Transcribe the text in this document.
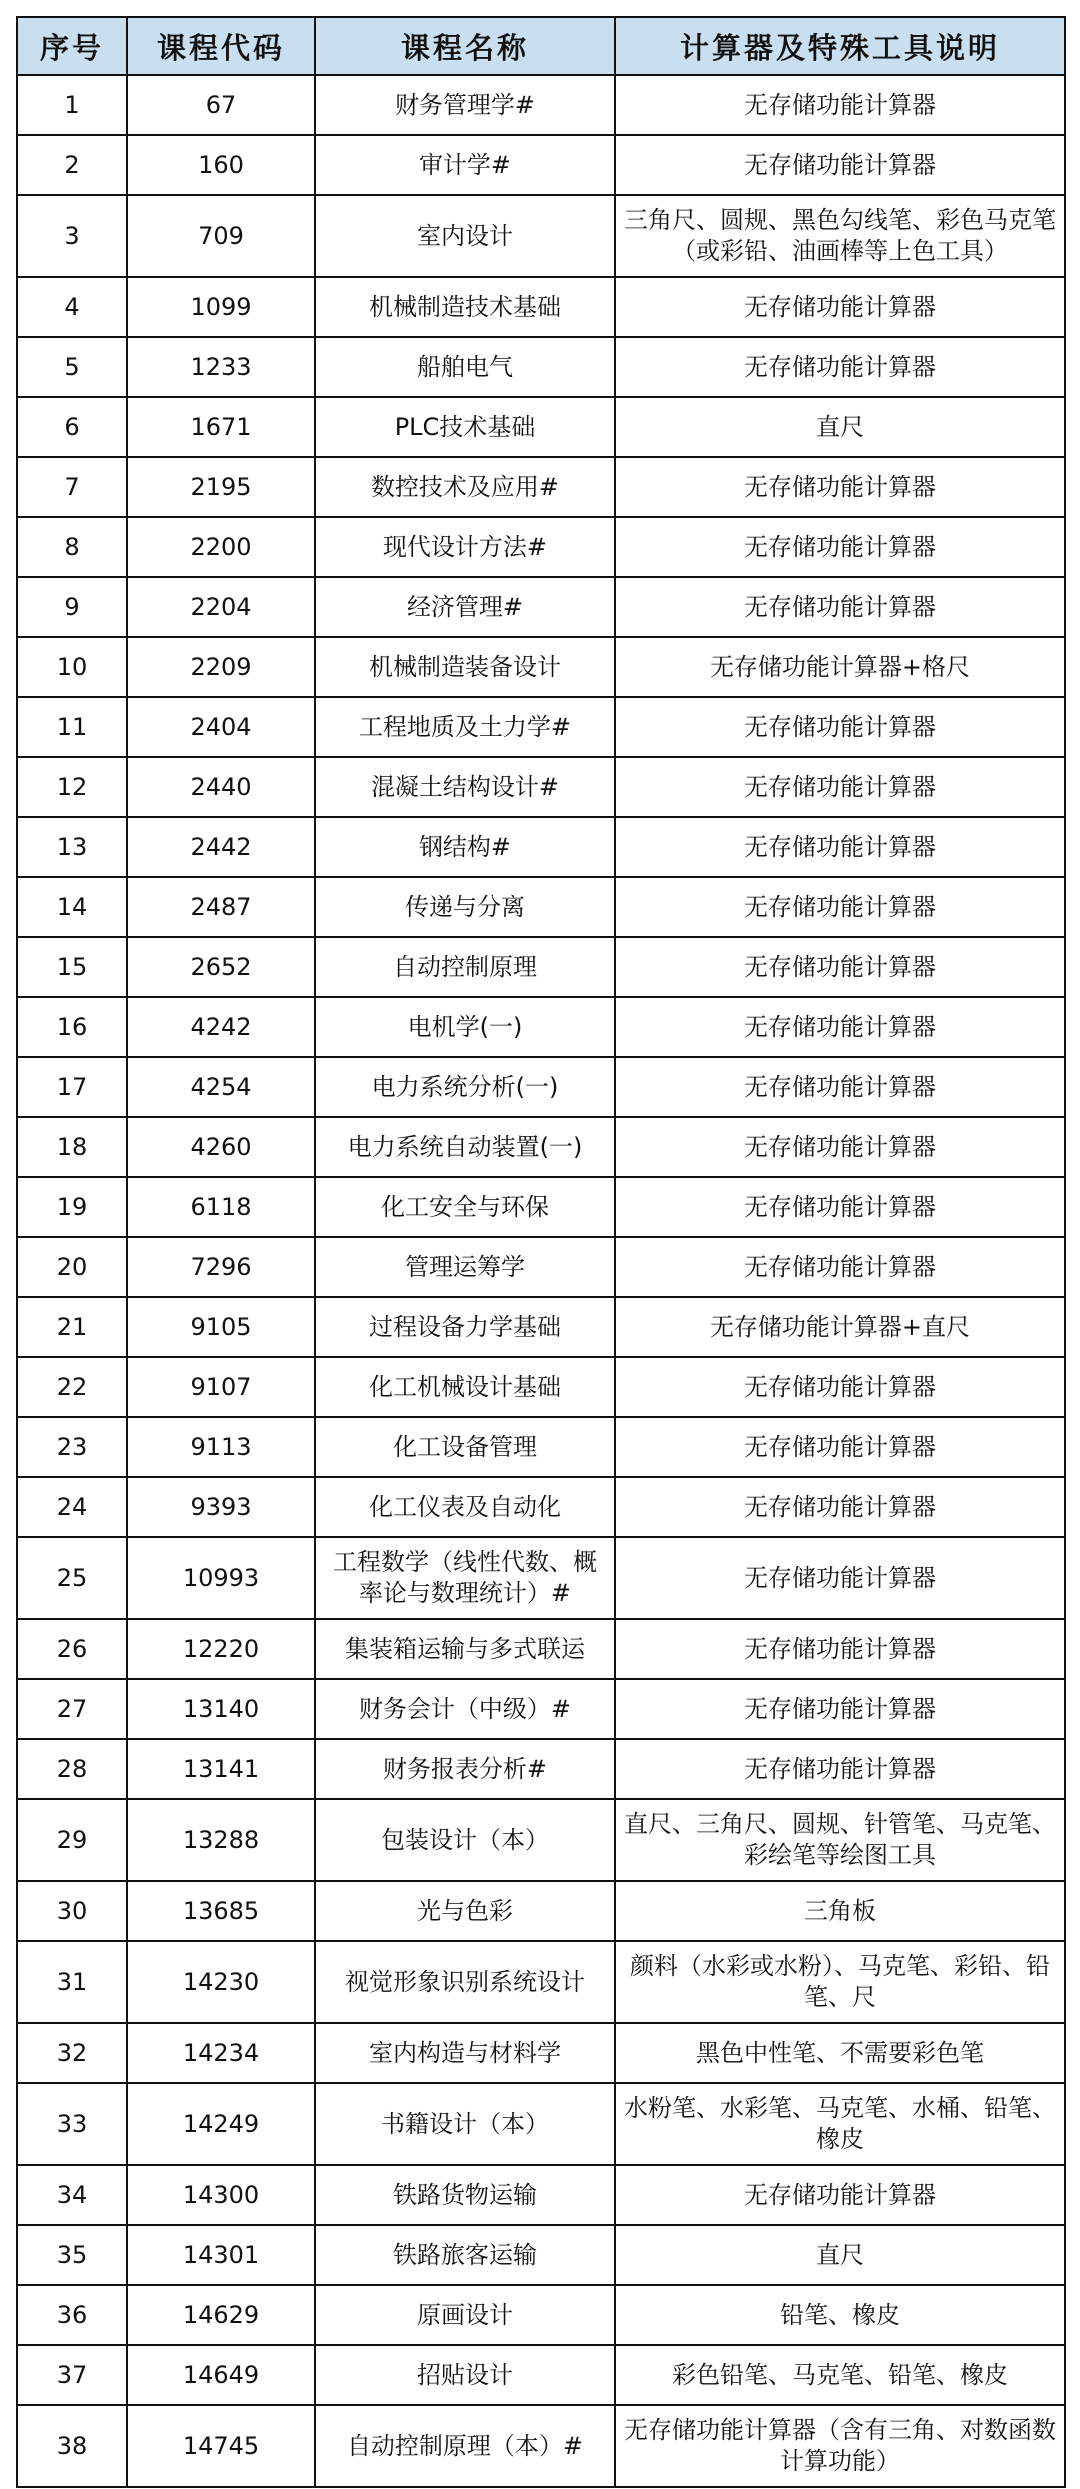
序号	课程代码	课程名称	计算器及特殊工具说明
1	67	财务管理学#	无存储功能计算器
2	160	审计学#	无存储功能计算器
3	709	室内设计	三角尺、圆规、黑色勾线笔、彩色马克笔（或彩铅、油画棒等上色工具）
4	1099	机械制造技术基础	无存储功能计算器
5	1233	船舶电气	无存储功能计算器
6	1671	PLC技术基础	直尺
7	2195	数控技术及应用#	无存储功能计算器
8	2200	现代设计方法#	无存储功能计算器
9	2204	经济管理#	无存储功能计算器
10	2209	机械制造装备设计	无存储功能计算器+格尺
11	2404	工程地质及土力学#	无存储功能计算器
12	2440	混凝土结构设计#	无存储功能计算器
13	2442	钢结构#	无存储功能计算器
14	2487	传递与分离	无存储功能计算器
15	2652	自动控制原理	无存储功能计算器
16	4242	电机学(一)	无存储功能计算器
17	4254	电力系统分析(一)	无存储功能计算器
18	4260	电力系统自动装置(一)	无存储功能计算器
19	6118	化工安全与环保	无存储功能计算器
20	7296	管理运筹学	无存储功能计算器
21	9105	过程设备力学基础	无存储功能计算器+直尺
22	9107	化工机械设计基础	无存储功能计算器
23	9113	化工设备管理	无存储功能计算器
24	9393	化工仪表及自动化	无存储功能计算器
25	10993	工程数学（线性代数、概率论与数理统计）#	无存储功能计算器
26	12220	集装箱运输与多式联运	无存储功能计算器
27	13140	财务会计（中级）#	无存储功能计算器
28	13141	财务报表分析#	无存储功能计算器
29	13288	包装设计（本）	直尺、三角尺、圆规、针管笔、马克笔、彩绘笔等绘图工具
30	13685	光与色彩	三角板
31	14230	视觉形象识别系统设计	颜料（水彩或水粉）、马克笔、彩铅、铅笔、尺
32	14234	室内构造与材料学	黑色中性笔、不需要彩色笔
33	14249	书籍设计（本）	水粉笔、水彩笔、马克笔、水桶、铅笔、橡皮
34	14300	铁路货物运输	无存储功能计算器
35	14301	铁路旅客运输	直尺
36	14629	原画设计	铅笔、橡皮
37	14649	招贴设计	彩色铅笔、马克笔、铅笔、橡皮
38	14745	自动控制原理（本）#	无存储功能计算器（含有三角、对数函数计算功能）
